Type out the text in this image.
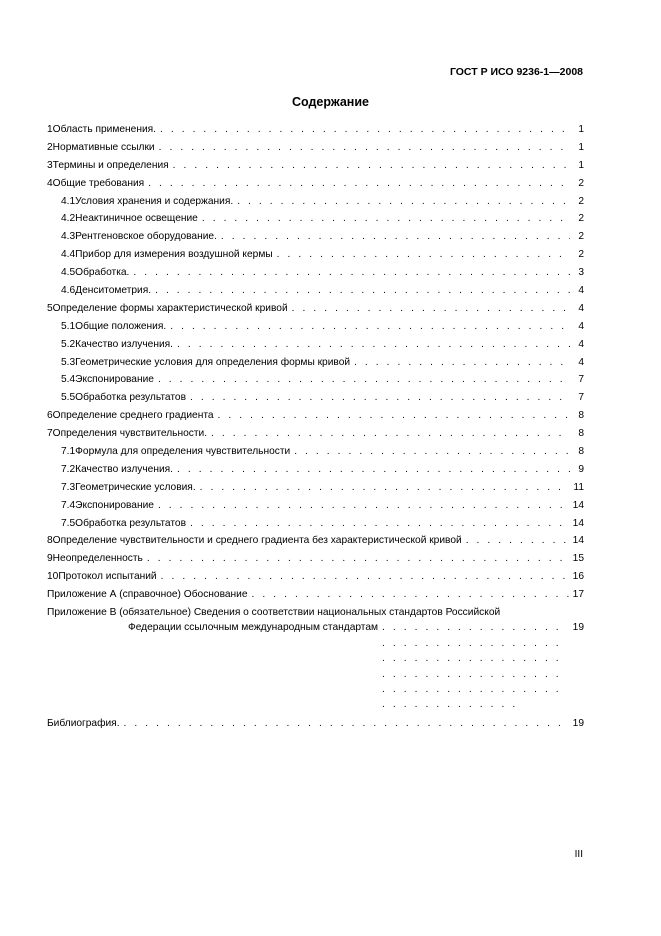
ГОСТ Р ИСО 9236-1—2008
Содержание
1 Область применения. . . .	1
2 Нормативные ссылки . . .	1
3 Термины и определения . . .	1
4 Общие требования . . .	2
4.1 Условия хранения и содержания. . . .	2
4.2 Неактиничное освещение . . .	2
4.3 Рентгеновское оборудование. . . .	2
4.4 Прибор для измерения воздушной кермы . . .	2
4.5 Обработка. . . .	3
4.6 Денситометрия. . . .	4
5 Определение формы характеристической кривой . . .	4
5.1 Общие положения. . . .	4
5.2 Качество излучения. . . .	4
5.3 Геометрические условия для определения формы кривой . . .	4
5.4 Экспонирование . . .	7
5.5 Обработка результатов . . .	7
6 Определение среднего градиента . . .	8
7 Определения чувствительности. . . .	8
7.1 Формула для определения чувствительности . . .	8
7.2 Качество излучения. . . .	9
7.3 Геометрические условия. . . .	11
7.4 Экспонирование . . .	14
7.5 Обработка результатов . . .	14
8 Определение чувствительности и среднего градиента без характеристической кривой . . .	14
9 Неопределенность . . .	15
10 Протокол испытаний . . .	16
Приложение А (справочное) Обоснование . . .	17
Приложение В (обязательное) Сведения о соответствии национальных стандартов Российской
Федерации ссылочным международным стандартам . . .	19
Библиография. . . .	19
III
